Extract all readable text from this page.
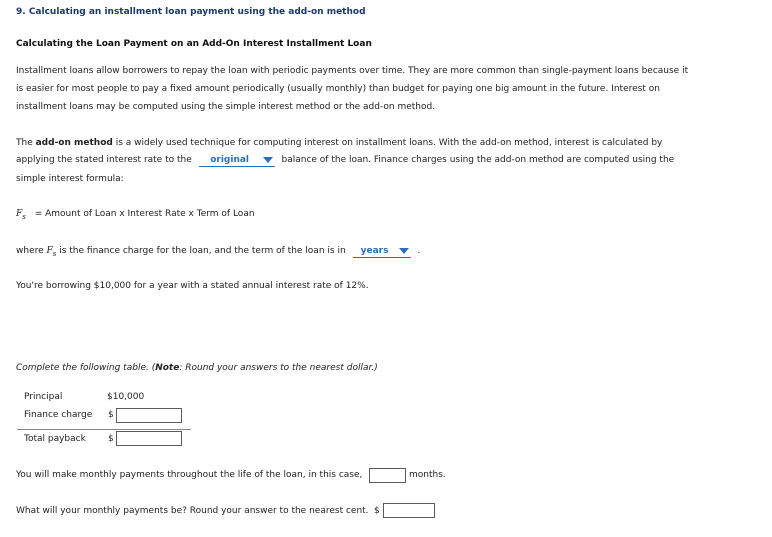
9. Calculating an installment loan payment using the add-on method
Calculating the Loan Payment on an Add-On Interest Installment Loan
Installment loans allow borrowers to repay the loan with periodic payments over time. They are more common than single-payment loans because it
is easier for most people to pay a fixed amount periodically (usually monthly) than budget for paying one big amount in the future. Interest on
installment loans may be computed using the simple interest method or the add-on method.
The add-on method is a widely used technique for computing interest on installment loans. With the add-on method, interest is calculated by
applying the stated interest rate to the original	balance of the loan. Finance charges using the add-on method are computed using the
simple interest formula:
$F_s$ = Amount of Loan x Interest Rate x Term of Loan
where $F_s$ is the finance charge for the loan, and the term of the loan is in years	.
You're borrowing $10,000 for a year with a stated annual interest rate of 12%.
Complete the following table. (Note: Round your answers to the nearest dollar.)
Principal	$10,000
Finance charge $
Total payback $
You will make monthly payments throughout the life of the loan, in this case,	months.
What will your monthly payments be? Round your answer to the nearest cent. $
